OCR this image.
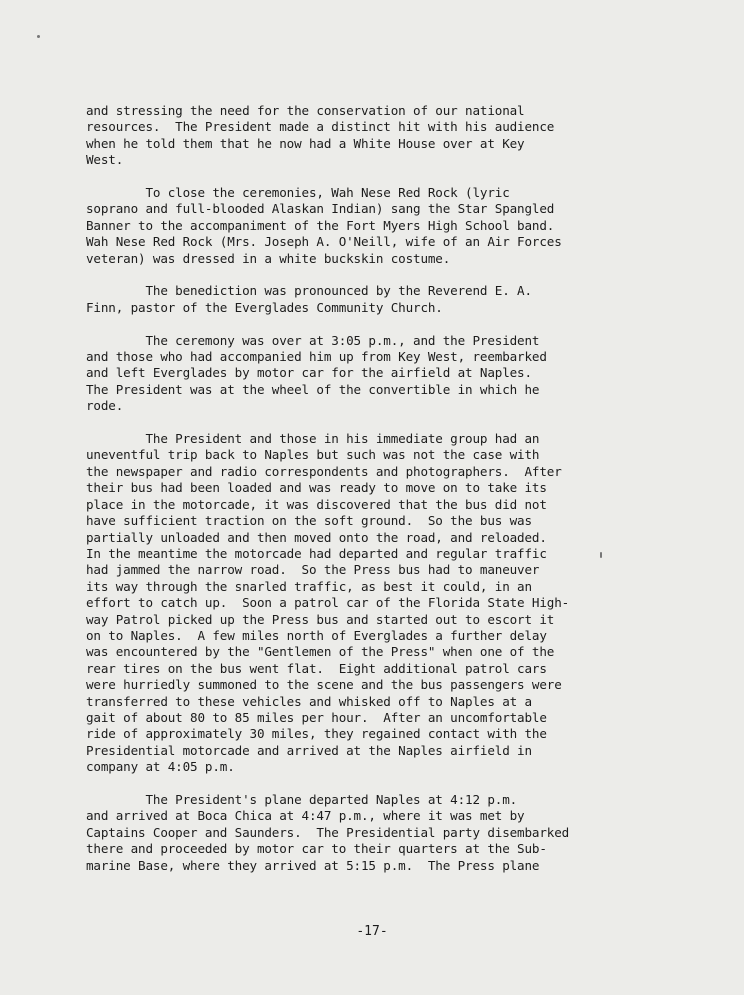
and stressing the need for the conservation of our national
resources.  The President made a distinct hit with his audience
when he told them that he now had a White House over at Key
West.
To close the ceremonies, Wah Nese Red Rock (lyric
soprano and full-blooded Alaskan Indian) sang the Star Spangled
Banner to the accompaniment of the Fort Myers High School band.
Wah Nese Red Rock (Mrs. Joseph A. O'Neill, wife of an Air Forces
veteran) was dressed in a white buckskin costume.
The benediction was pronounced by the Reverend E. A.
Finn, pastor of the Everglades Community Church.
The ceremony was over at 3:05 p.m., and the President
and those who had accompanied him up from Key West, reembarked
and left Everglades by motor car for the airfield at Naples.
The President was at the wheel of the convertible in which he
rode.
The President and those in his immediate group had an
uneventful trip back to Naples but such was not the case with
the newspaper and radio correspondents and photographers.  After
their bus had been loaded and was ready to move on to take its
place in the motorcade, it was discovered that the bus did not
have sufficient traction on the soft ground.  So the bus was
partially unloaded and then moved onto the road, and reloaded.
In the meantime the motorcade had departed and regular traffic
had jammed the narrow road.  So the Press bus had to maneuver
its way through the snarled traffic, as best it could, in an
effort to catch up.  Soon a patrol car of the Florida State High-
way Patrol picked up the Press bus and started out to escort it
on to Naples.  A few miles north of Everglades a further delay
was encountered by the "Gentlemen of the Press" when one of the
rear tires on the bus went flat.  Eight additional patrol cars
were hurriedly summoned to the scene and the bus passengers were
transferred to these vehicles and whisked off to Naples at a
gait of about 80 to 85 miles per hour.  After an uncomfortable
ride of approximately 30 miles, they regained contact with the
Presidential motorcade and arrived at the Naples airfield in
company at 4:05 p.m.
The President's plane departed Naples at 4:12 p.m.
and arrived at Boca Chica at 4:47 p.m., where it was met by
Captains Cooper and Saunders.  The Presidential party disembarked
there and proceeded by motor car to their quarters at the Sub-
marine Base, where they arrived at 5:15 p.m.  The Press plane
-17-
